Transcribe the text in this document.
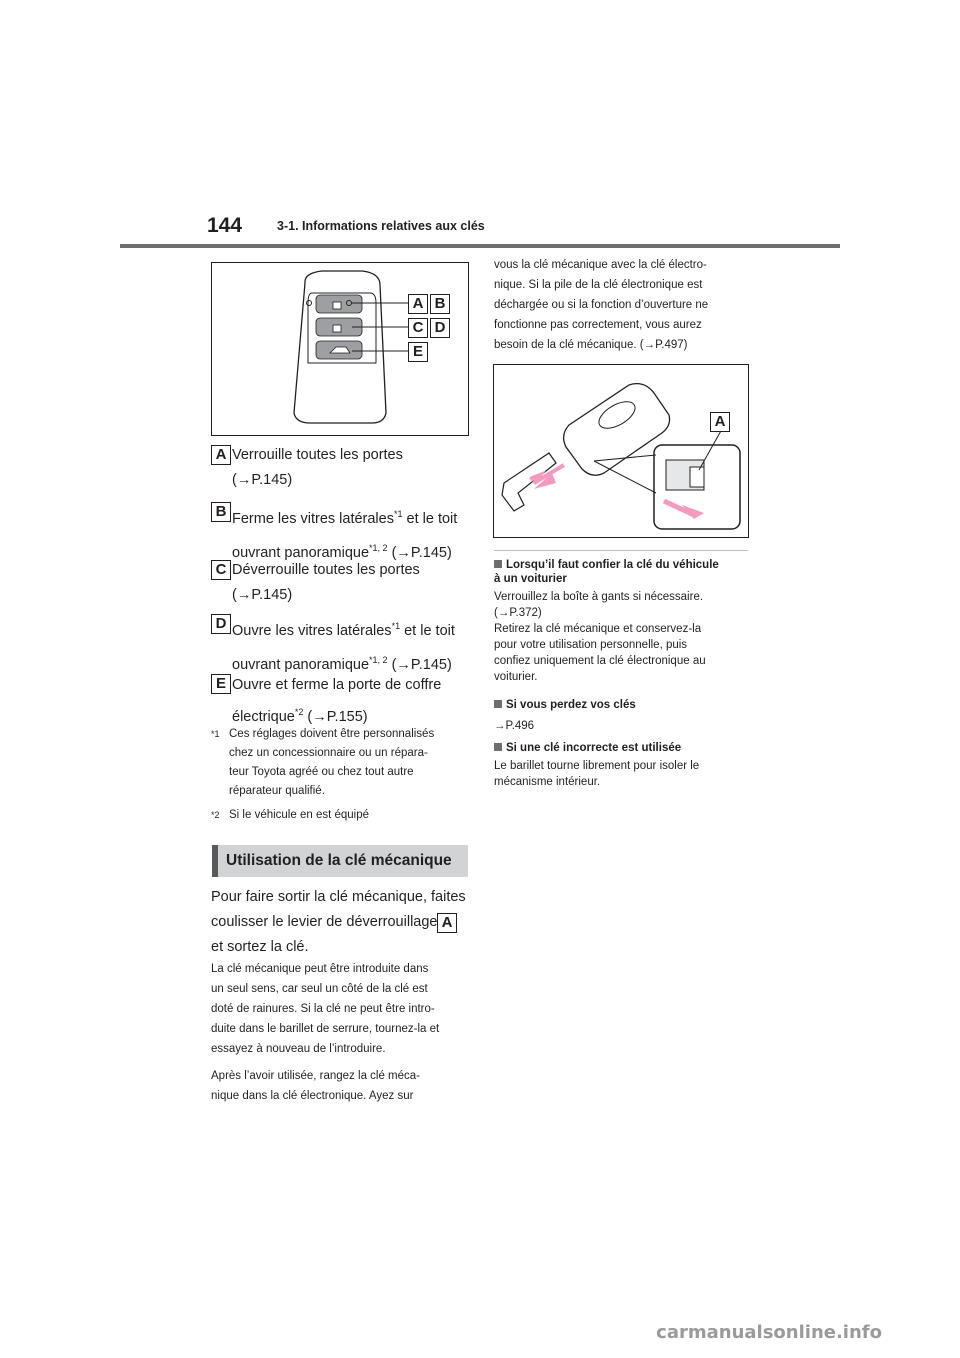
144	3-1. Informations relatives aux clés
A B
C D
E
A Verrouille toutes les portes
(→P.145)
B Ferme les vitres latérales$^{*1}$ et le toit
ouvrant panoramique$^{*1, 2}$ (→P.145)
C Déverrouille toutes les portes
(→P.145)
D Ouvre les vitres latérales$^{*1}$ et le toit
ouvrant panoramique$^{*1, 2}$ (→P.145)
E Ouvre et ferme la porte de coffre
électrique$^{*2}$ (→P.155)
*1 Ces réglages doivent être personnalisés
chez un concessionnaire ou un répara-
teur Toyota agréé ou chez tout autre
réparateur qualifié.
*2 Si le véhicule en est équipé
Utilisation de la clé mécanique
Pour faire sortir la clé mécanique, faites
coulisser le levier de déverrouillage A
et sortez la clé.
La clé mécanique peut être introduite dans
un seul sens, car seul un côté de la clé est
doté de rainures. Si la clé ne peut être intro-
duite dans le barillet de serrure, tournez-la et
essayez à nouveau de l’introduire.
Après l’avoir utilisée, rangez la clé méca-
nique dans la clé électronique. Ayez sur
vous la clé mécanique avec la clé électro-
nique. Si la pile de la clé électronique est
déchargée ou si la fonction d’ouverture ne
fonctionne pas correctement, vous aurez
besoin de la clé mécanique. (→P.497)
A
Lorsqu’il faut confier la clé du véhicule
à un voiturier
Verrouillez la boîte à gants si nécessaire.
(→P.372)
Retirez la clé mécanique et conservez-la
pour votre utilisation personnelle, puis
confiez uniquement la clé électronique au
voiturier.
Si vous perdez vos clés
→P.496
Si une clé incorrecte est utilisée
Le barillet tourne librement pour isoler le
mécanisme intérieur.
carmanualsonline.info
